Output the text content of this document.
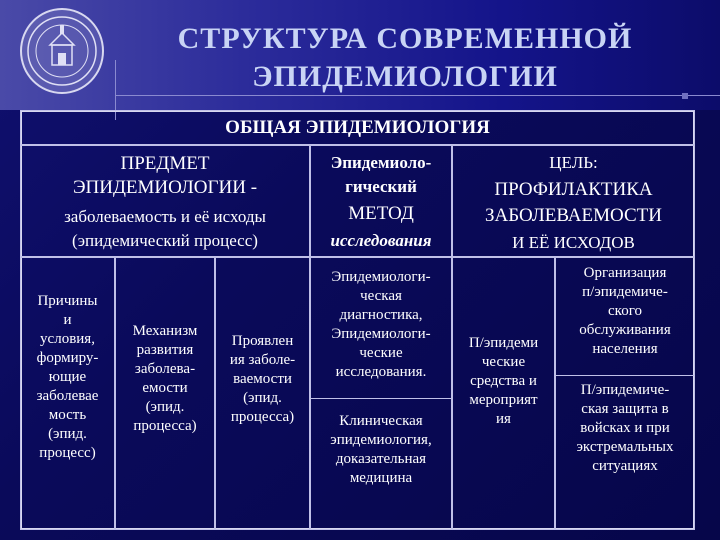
СТРУКТУРА СОВРЕМЕННОЙ
ЭПИДЕМИОЛОГИИ
ОБЩАЯ ЭПИДЕМИОЛОГИЯ
ПРЕДМЕТ
ЭПИДЕМИОЛОГИИ -
заболеваемость и её исходы
(эпидемический процесс)
Эпидемиоло-
гический
МЕТОД
исследования
ЦЕЛЬ:
ПРОФИЛАКТИКА
ЗАБОЛЕВАЕМОСТИ
И ЕЁ ИСХОДОВ
Причины
и
условия,
формиру-
ющие
заболевае
мость
(эпид.
процесс)
Механизм
развития
заболева-
емости
(эпид.
процесса)
Проявлен
ия заболе-
ваемости
(эпид.
процесса)
Эпидемиологи-
ческая
диагностика,
Эпидемиологи-
ческие
исследования.
Клиническая
эпидемиология,
доказательная
медицина
П/эпидеми
ческие
средства и
мероприят
ия
Организация
п/эпидемиче-
ского
обслуживания
населения
П/эпидемиче-
ская защита в
войсках и при
экстремальных
ситуациях
